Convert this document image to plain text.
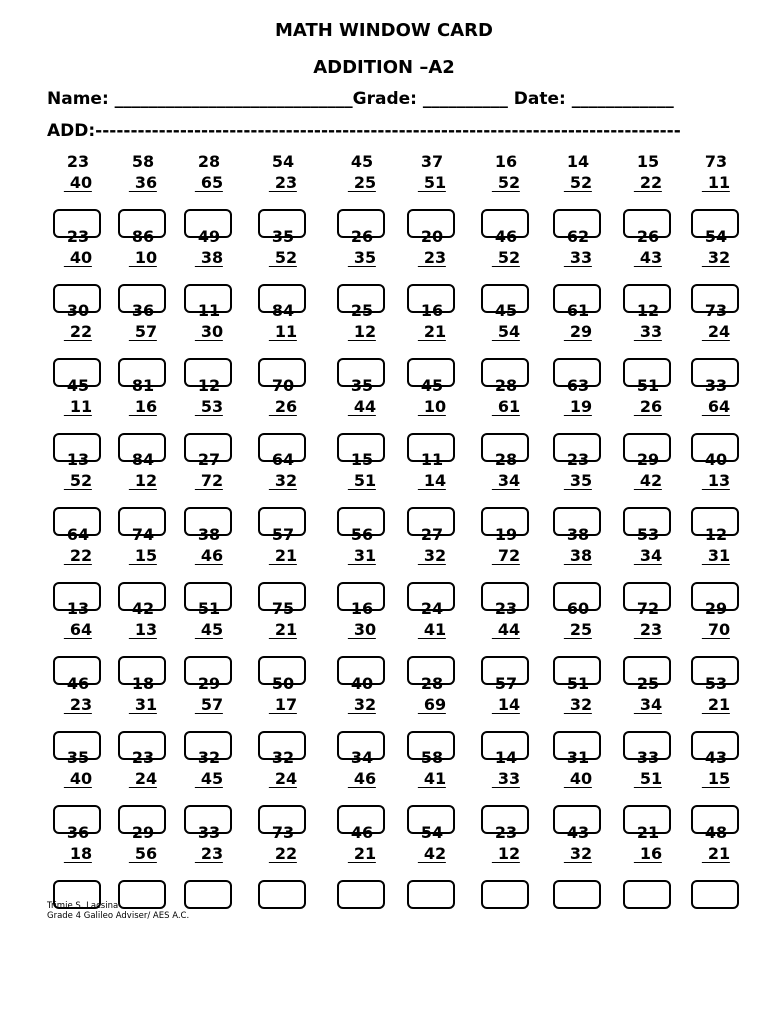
MATH WINDOW CARD
ADDITION –A2

Name: ____________________________Grade: __________ Date: ____________

ADD:-----------------------------------------------------------------------------------

23
40
23
40
30
22
45
11
13
52
64
22
13
64
46
23
35
40
36
18
58
36
86
10
36
57
81
16
84
12
74
15
42
13
18
31
23
24
29
56
28
65
49
38
11
30
12
53
27
72
38
46
51
45
29
57
32
45
33
23
54
23
35
52
84
11
70
26
64
32
57
21
75
21
50
17
32
24
73
22
45
25
26
35
25
12
35
44
15
51
56
31
16
30
40
32
34
46
46
21
37
51
20
23
16
21
45
10
11
14
27
32
24
41
28
69
58
41
54
42
16
52
46
52
45
54
28
61
28
34
19
72
23
44
57
14
14
33
23
12
14
52
62
33
61
29
63
19
23
35
38
38
60
25
51
32
31
40
43
32
15
22
26
43
12
33
51
26
29
42
53
34
72
23
25
34
33
51
21
16
73
11
54
32
73
24
33
64
40
13
12
31
29
70
53
21
43
15
48
21

Trimie S. Lacsina

Grade 4 Galileo Adviser/ AES A.C.
